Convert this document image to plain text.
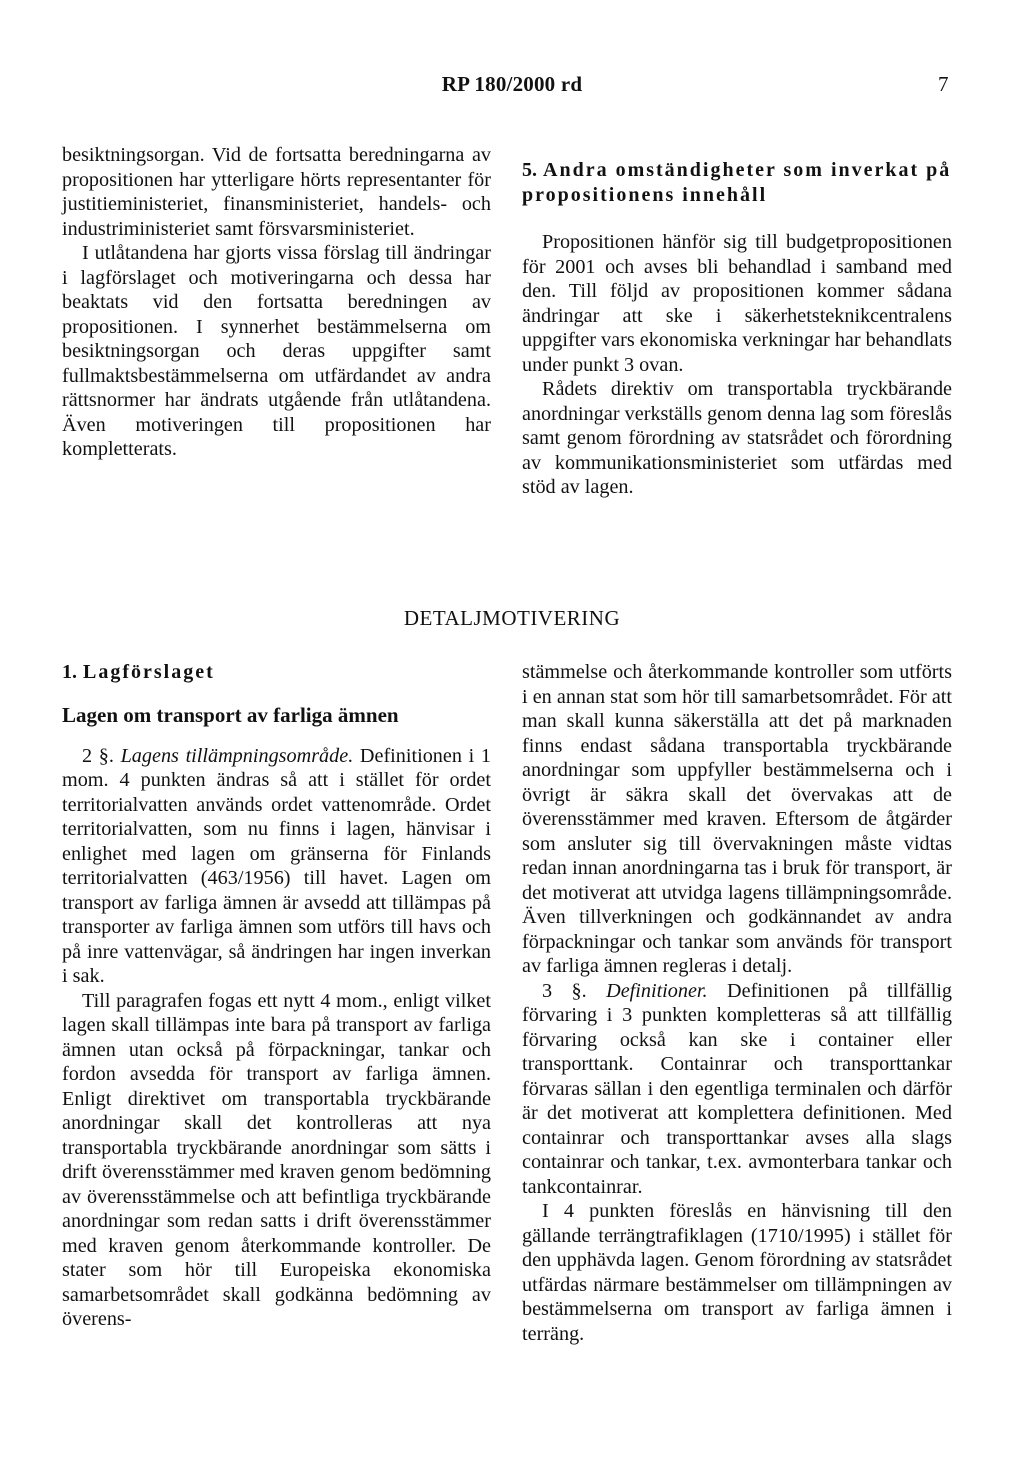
RP 180/2000 rd	7

besiktningsorgan. Vid de fortsatta beredningarna av propositionen har ytterligare hörts representanter för justitieministeriet, finansministeriet, handels- och industriministeriet samt försvarsministeriet.

I utlåtandena har gjorts vissa förslag till ändringar i lagförslaget och motiveringarna och dessa har beaktats vid den fortsatta beredningen av propositionen. I synnerhet bestämmelserna om besiktningsorgan och deras uppgifter samt fullmaktsbestämmelserna om utfärdandet av andra rättsnormer har ändrats utgående från utlåtandena. Även motiveringen till propositionen har kompletterats.

5. Andra omständigheter som inverkat på propositionens innehåll

Propositionen hänför sig till budgetpropositionen för 2001 och avses bli behandlad i samband med den. Till följd av propositionen kommer sådana ändringar att ske i säkerhetsteknikcentralens uppgifter vars ekonomiska verkningar har behandlats under punkt 3 ovan.

Rådets direktiv om transportabla tryckbärande anordningar verkställs genom denna lag som föreslås samt genom förordning av statsrådet och förordning av kommunikationsministeriet som utfärdas med stöd av lagen.

DETALJMOTIVERING
1. Lagförslaget
Lagen om transport av farliga ämnen

2 §. Lagens tillämpningsområde. Definitionen i 1 mom. 4 punkten ändras så att i stället för ordet territorialvatten används ordet vattenområde. Ordet territorialvatten, som nu finns i lagen, hänvisar i enlighet med lagen om gränserna för Finlands territorialvatten (463/1956) till havet. Lagen om transport av farliga ämnen är avsedd att tillämpas på transporter av farliga ämnen som utförs till havs och på inre vattenvägar, så ändringen har ingen inverkan i sak.

Till paragrafen fogas ett nytt 4 mom., enligt vilket lagen skall tillämpas inte bara på transport av farliga ämnen utan också på förpackningar, tankar och fordon avsedda för transport av farliga ämnen. Enligt direktivet om transportabla tryckbärande anordningar skall det kontrolleras att nya transportabla tryckbärande anordningar som sätts i drift överensstämmer med kraven genom bedömning av överensstämmelse och att befintliga tryckbärande anordningar som redan satts i drift överensstämmer med kraven genom återkommande kontroller. De stater som hör till Europeiska ekonomiska samarbetsområdet skall godkänna bedömning av överens-

stämmelse och återkommande kontroller som utförts i en annan stat som hör till samarbetsområdet. För att man skall kunna säkerställa att det på marknaden finns endast sådana transportabla tryckbärande anordningar som uppfyller bestämmelserna och i övrigt är säkra skall det övervakas att de överensstämmer med kraven. Eftersom de åtgärder som ansluter sig till övervakningen måste vidtas redan innan anordningarna tas i bruk för transport, är det motiverat att utvidga lagens tillämpningsområde. Även tillverkningen och godkännandet av andra förpackningar och tankar som används för transport av farliga ämnen regleras i detalj.

3 §. Definitioner. Definitionen på tillfällig förvaring i 3 punkten kompletteras så att tillfällig förvaring också kan ske i container eller transporttank. Containrar och transporttankar förvaras sällan i den egentliga terminalen och därför är det motiverat att komplettera definitionen. Med containrar och transporttankar avses alla slags containrar och tankar, t.ex. avmonterbara tankar och tankcontainrar.

I 4 punkten föreslås en hänvisning till den gällande terrängtrafiklagen (1710/1995) i stället för den upphävda lagen. Genom förordning av statsrådet utfärdas närmare bestämmelser om tillämpningen av bestämmelserna om transport av farliga ämnen i terräng.
